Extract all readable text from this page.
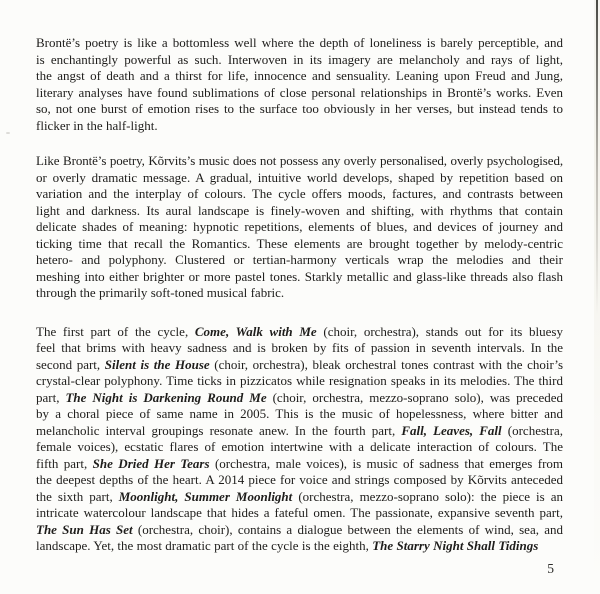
Brontë’s poetry is like a bottomless well where the depth of loneliness is barely perceptible, and
is enchantingly powerful as such. Interwoven in its imagery are melancholy and rays of light,
the angst of death and a thirst for life, innocence and sensuality. Leaning upon Freud and Jung,
literary analyses have found sublimations of close personal relationships in Brontë’s works. Even
so, not one burst of emotion rises to the surface too obviously in her verses, but instead tends to
flicker in the half-light.
Like Brontë’s poetry, Kõrvits’s music does not possess any overly personalised, overly psychologised,
or overly dramatic message. A gradual, intuitive world develops, shaped by repetition based on
variation and the interplay of colours. The cycle offers moods, factures, and contrasts between
light and darkness. Its aural landscape is finely-woven and shifting, with rhythms that contain
delicate shades of meaning: hypnotic repetitions, elements of blues, and devices of journey and
ticking time that recall the Romantics. These elements are brought together by melody-centric
hetero- and polyphony. Clustered or tertian-harmony verticals wrap the melodies and their
meshing into either brighter or more pastel tones. Starkly metallic and glass-like threads also flash
through the primarily soft-toned musical fabric.
The first part of the cycle, Come, Walk with Me (choir, orchestra), stands out for its bluesy
feel that brims with heavy sadness and is broken by fits of passion in seventh intervals. In the
second part, Silent is the House (choir, orchestra), bleak orchestral tones contrast with the choir’s
crystal-clear polyphony. Time ticks in pizzicatos while resignation speaks in its melodies. The third
part, The Night is Darkening Round Me (choir, orchestra, mezzo-soprano solo), was preceded
by a choral piece of same name in 2005. This is the music of hopelessness, where bitter and
melancholic interval groupings resonate anew. In the fourth part, Fall, Leaves, Fall (orchestra,
female voices), ecstatic flares of emotion intertwine with a delicate interaction of colours. The
fifth part, She Dried Her Tears (orchestra, male voices), is music of sadness that emerges from
the deepest depths of the heart. A 2014 piece for voice and strings composed by Kõrvits anteceded
the sixth part, Moonlight, Summer Moonlight (orchestra, mezzo-soprano solo): the piece is an
intricate watercolour landscape that hides a fateful omen. The passionate, expansive seventh part,
The Sun Has Set (orchestra, choir), contains a dialogue between the elements of wind, sea, and
landscape. Yet, the most dramatic part of the cycle is the eighth, The Starry Night Shall Tidings
5
